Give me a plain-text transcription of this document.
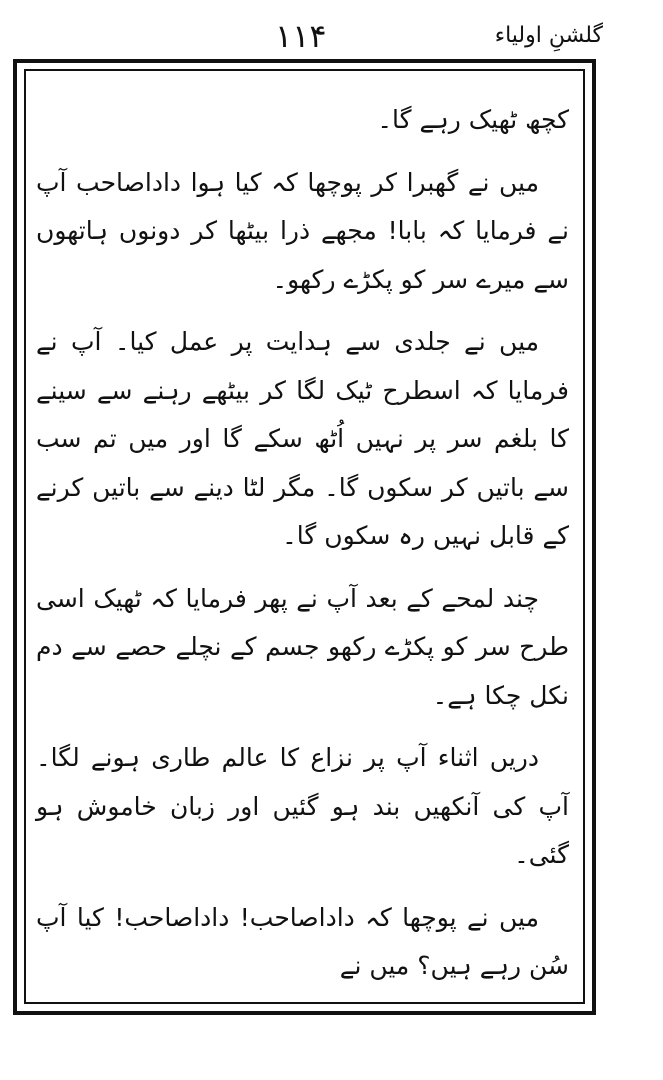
۱۱۴	گلشنِ اولیاء

کچھ ٹھیک رہے گا۔

میں نے گھبرا کر پوچھا کہ کیا ہوا داداصاحب آپ نے فرمایا کہ بابا! مجھے ذرا بیٹھا کر دونوں ہاتھوں سے میرے سر کو پکڑے رکھو۔

میں نے جلدی سے ہدایت پر عمل کیا۔ آپ نے فرمایا کہ اسطرح ٹیک لگا کر بیٹھے رہنے سے سینے کا بلغم سر پر نہیں اُٹھ سکے گا اور میں تم سب سے باتیں کر سکوں گا۔ مگر لٹا دینے سے باتیں کرنے کے قابل نہیں رہ سکوں گا۔

چند لمحے کے بعد آپ نے پھر فرمایا کہ ٹھیک اسی طرح سر کو پکڑے رکھو جسم کے نچلے حصے سے دم نکل چکا ہے۔

دریں اثناء آپ پر نزاع کا عالم طاری ہونے لگا۔ آپ کی آنکھیں بند ہو گئیں اور زبان خاموش ہو گئی۔

میں نے پوچھا کہ داداصاحب! داداصاحب! کیا آپ سُن رہے ہیں؟ میں نے
